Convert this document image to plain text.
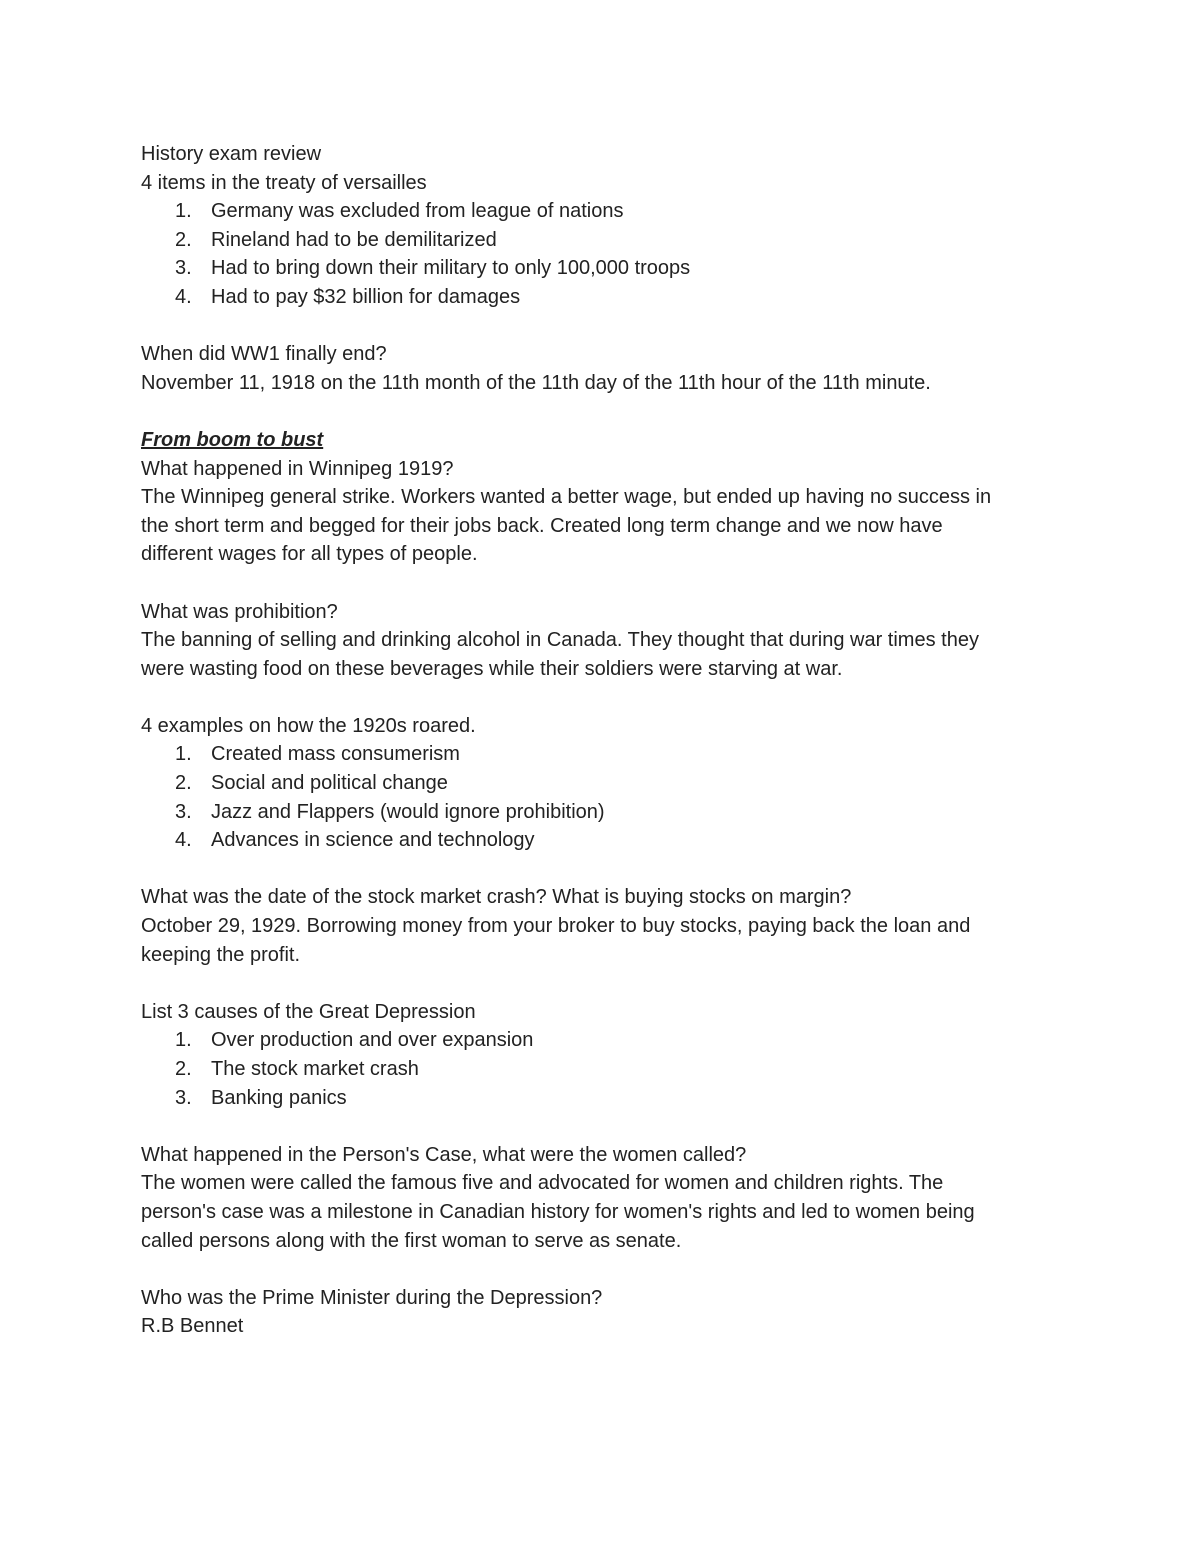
History exam review

4 items in the treaty of versailles

1. Germany was excluded from league of nations
2. Rineland had to be demilitarized
3. Had to bring down their military to only 100,000 troops
4. Had to pay $32 billion for damages

When did WW1 finally end?

November 11, 1918 on the 11th month of the 11th day of the 11th hour of the 11th minute.

From boom to bust

What happened in Winnipeg 1919?

The Winnipeg general strike. Workers wanted a better wage, but ended up having no success in

the short term and begged for their jobs back. Created long term change and we now have

different wages for all types of people.

What was prohibition?

The banning of selling and drinking alcohol in Canada. They thought that during war times they

were wasting food on these beverages while their soldiers were starving at war.

4 examples on how the 1920s roared.

1. Created mass consumerism
2. Social and political change
3. Jazz and Flappers (would ignore prohibition)
4. Advances in science and technology

What was the date of the stock market crash? What is buying stocks on margin?

October 29, 1929. Borrowing money from your broker to buy stocks, paying back the loan and

keeping the profit.

List 3 causes of the Great Depression

1. Over production and over expansion
2. The stock market crash
3. Banking panics

What happened in the Person's Case, what were the women called?

The women were called the famous five and advocated for women and children rights. The

person's case was a milestone in Canadian history for women's rights and led to women being

called persons along with the first woman to serve as senate.

Who was the Prime Minister during the Depression?

R.B Bennet
